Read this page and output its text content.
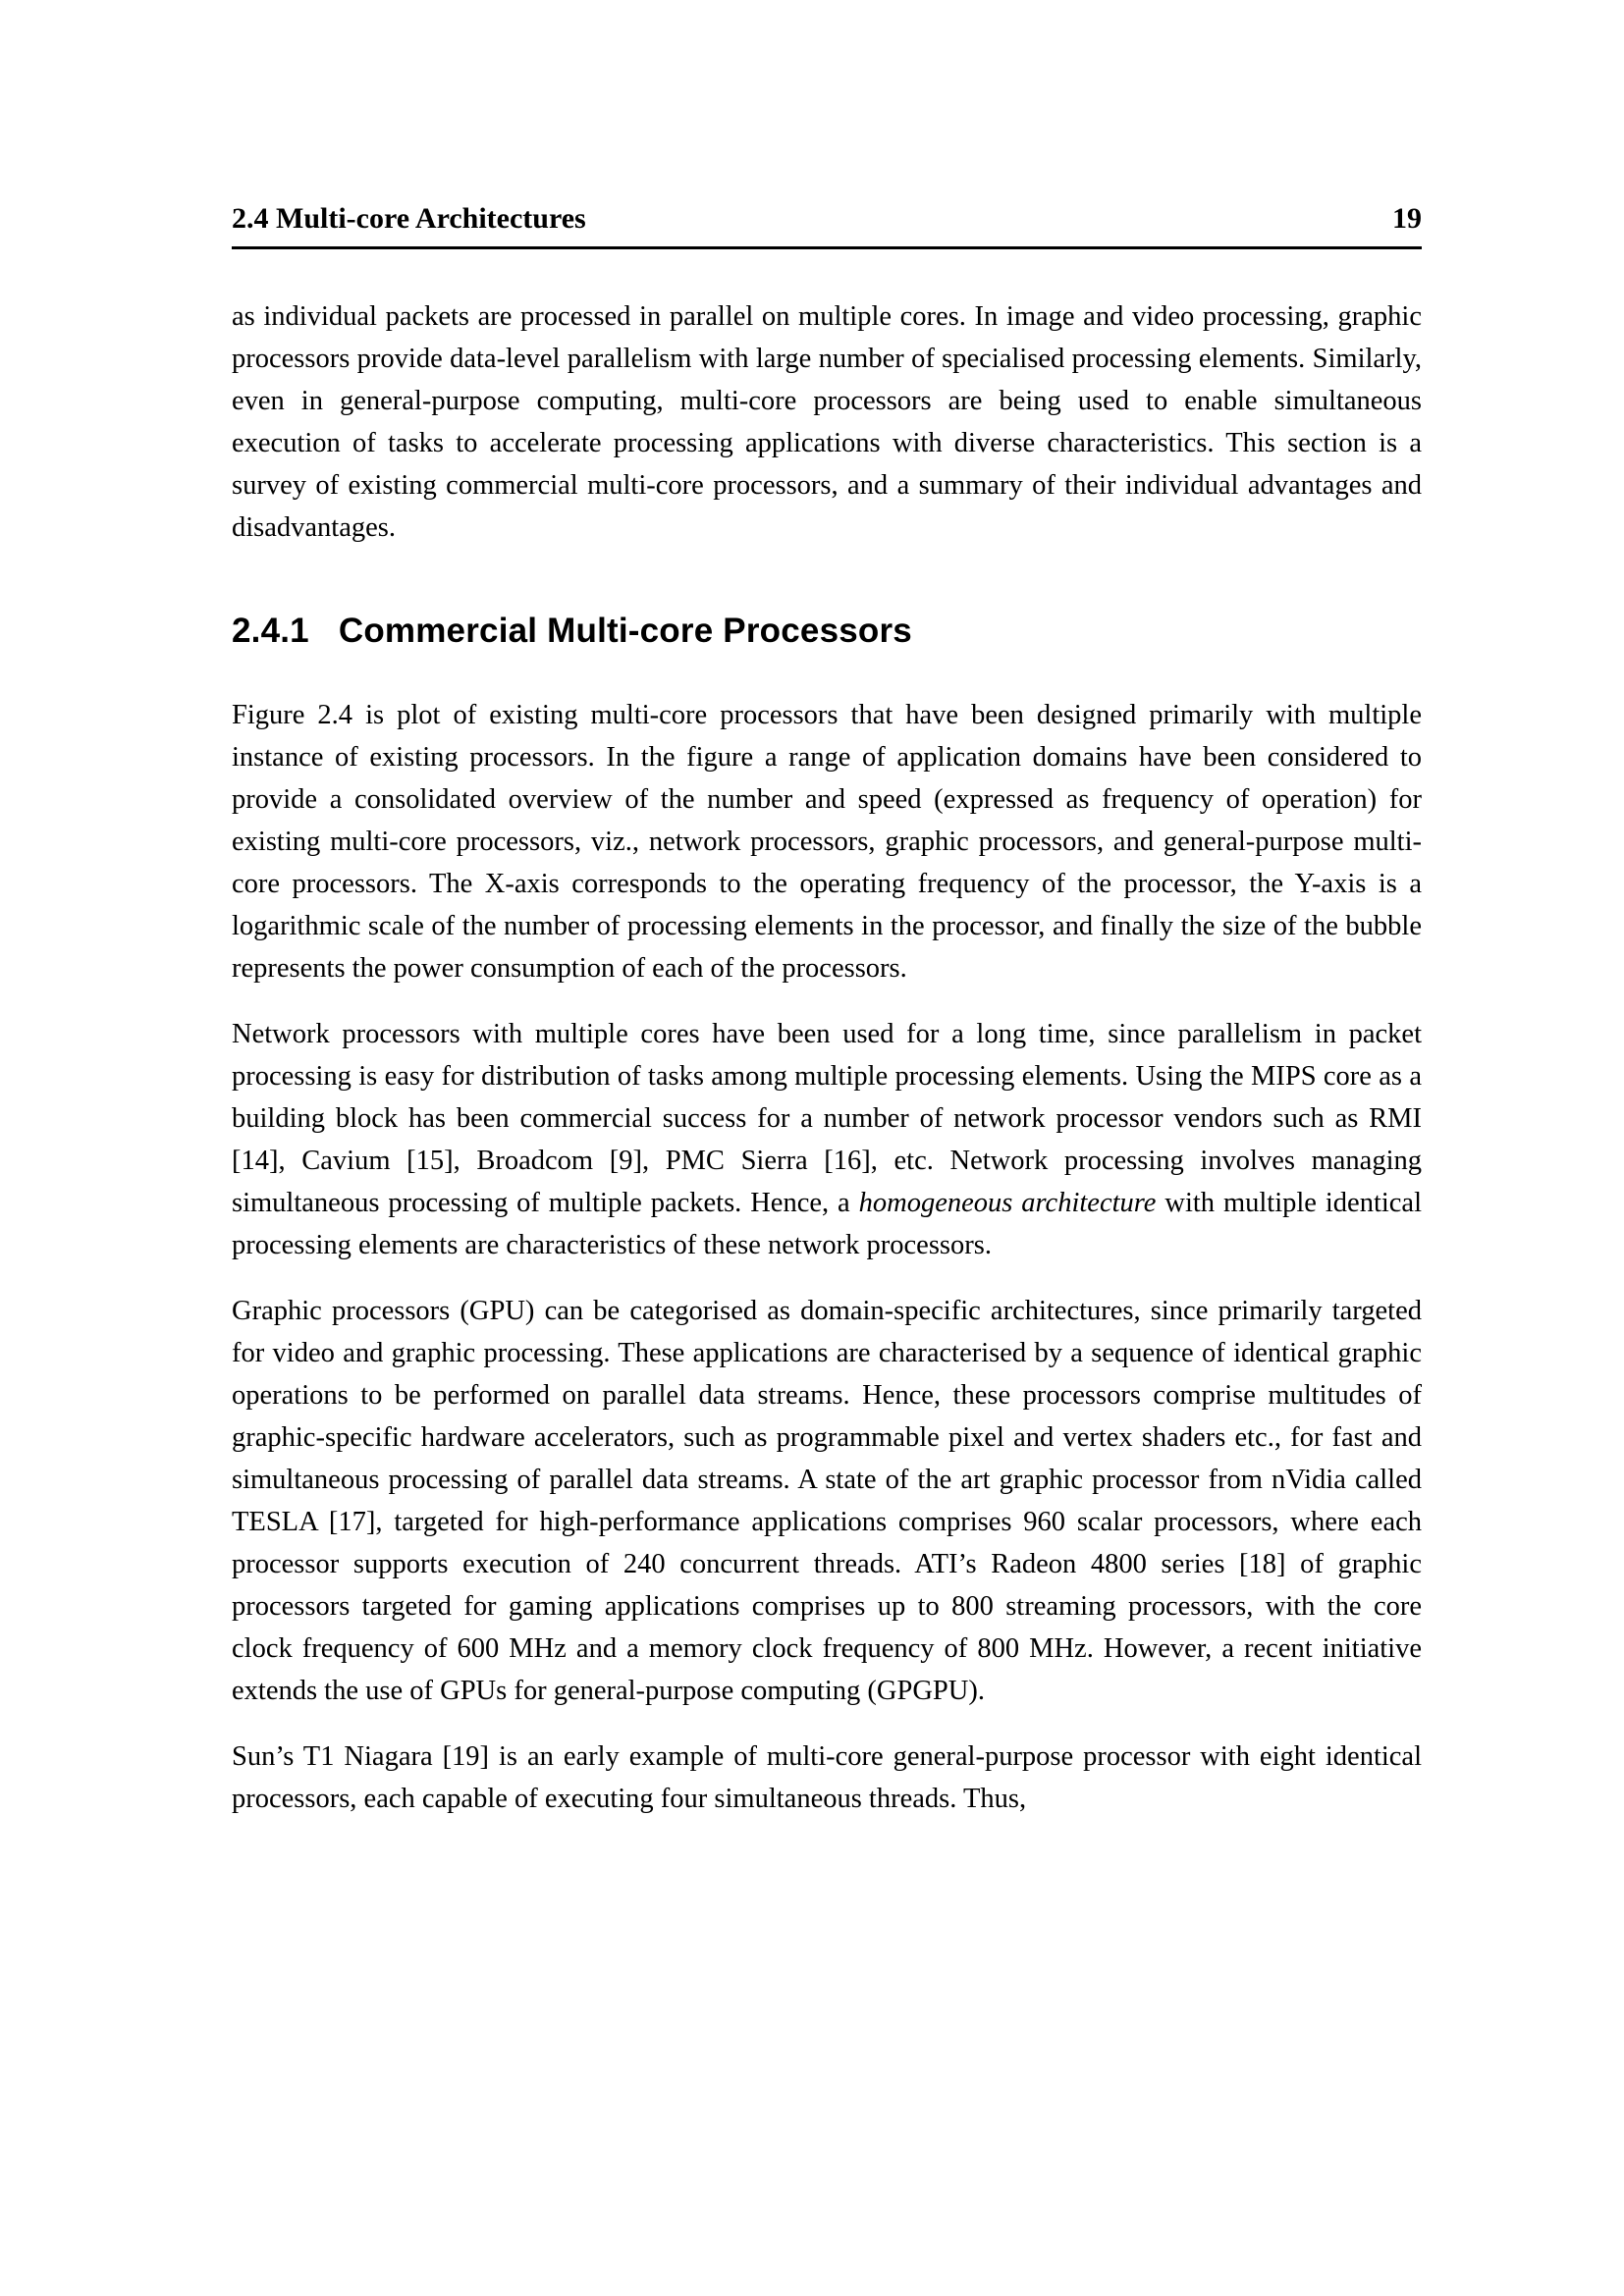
2.4 Multi-core Architectures	19

as individual packets are processed in parallel on multiple cores. In image and video processing, graphic processors provide data-level parallelism with large number of specialised processing elements. Similarly, even in general-purpose computing, multi-core processors are being used to enable simultaneous execution of tasks to accelerate processing applications with diverse characteristics. This section is a survey of existing commercial multi-core processors, and a summary of their individual advantages and disadvantages.

2.4.1 Commercial Multi-core Processors

Figure 2.4 is plot of existing multi-core processors that have been designed primarily with multiple instance of existing processors. In the figure a range of application domains have been considered to provide a consolidated overview of the number and speed (expressed as frequency of operation) for existing multi-core processors, viz., network processors, graphic processors, and general-purpose multi-core processors. The X-axis corresponds to the operating frequency of the processor, the Y-axis is a logarithmic scale of the number of processing elements in the processor, and finally the size of the bubble represents the power consumption of each of the processors.

Network processors with multiple cores have been used for a long time, since parallelism in packet processing is easy for distribution of tasks among multiple processing elements. Using the MIPS core as a building block has been commercial success for a number of network processor vendors such as RMI [14], Cavium [15], Broadcom [9], PMC Sierra [16], etc. Network processing involves managing simultaneous processing of multiple packets. Hence, a homogeneous architecture with multiple identical processing elements are characteristics of these network processors.

Graphic processors (GPU) can be categorised as domain-specific architectures, since primarily targeted for video and graphic processing. These applications are characterised by a sequence of identical graphic operations to be performed on parallel data streams. Hence, these processors comprise multitudes of graphic-specific hardware accelerators, such as programmable pixel and vertex shaders etc., for fast and simultaneous processing of parallel data streams. A state of the art graphic processor from nVidia called TESLA [17], targeted for high-performance applications comprises 960 scalar processors, where each processor supports execution of 240 concurrent threads. ATI’s Radeon 4800 series [18] of graphic processors targeted for gaming applications comprises up to 800 streaming processors, with the core clock frequency of 600 MHz and a memory clock frequency of 800 MHz. However, a recent initiative extends the use of GPUs for general-purpose computing (GPGPU).

Sun’s T1 Niagara [19] is an early example of multi-core general-purpose processor with eight identical processors, each capable of executing four simultaneous threads. Thus,
